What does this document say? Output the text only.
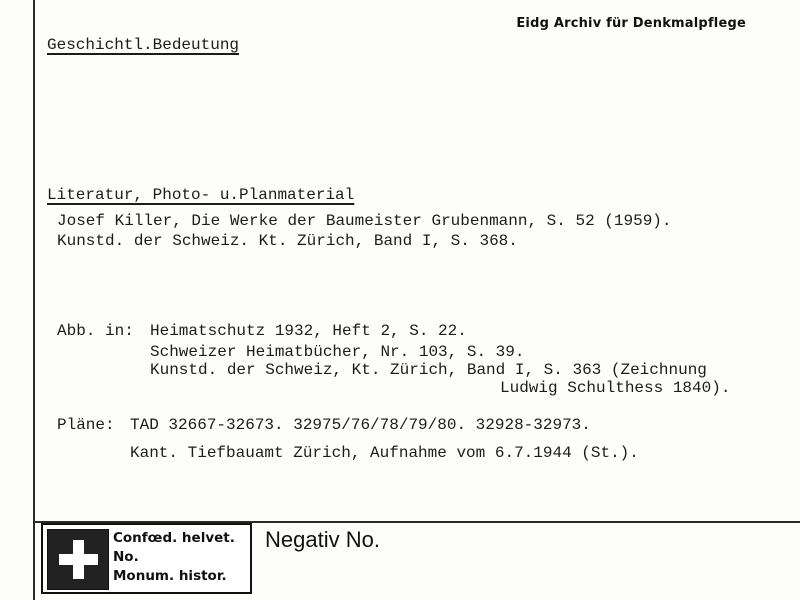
Eidg Archiv für Denkmalpflege
Geschichtl.Bedeutung
Literatur, Photo- u.Planmaterial
Josef Killer, Die Werke der Baumeister Grubenmann, S. 52 (1959).
Kunstd. der Schweiz. Kt. Zürich, Band I, S. 368.
Abb. in: Heimatschutz 1932, Heft 2, S. 22.
Schweizer Heimatbücher, Nr. 103, S. 39.
Kunstd. der Schweiz, Kt. Zürich, Band I, S. 363 (Zeichnung
Ludwig Schulthess 1840).
Pläne: TAD 32667-32673. 32975/76/78/79/80. 32928-32973.
Kant. Tiefbauamt Zürich, Aufnahme vom 6.7.1944 (St.).
Confœd. helvet.
No.
Monum. histor.
Negativ No.
